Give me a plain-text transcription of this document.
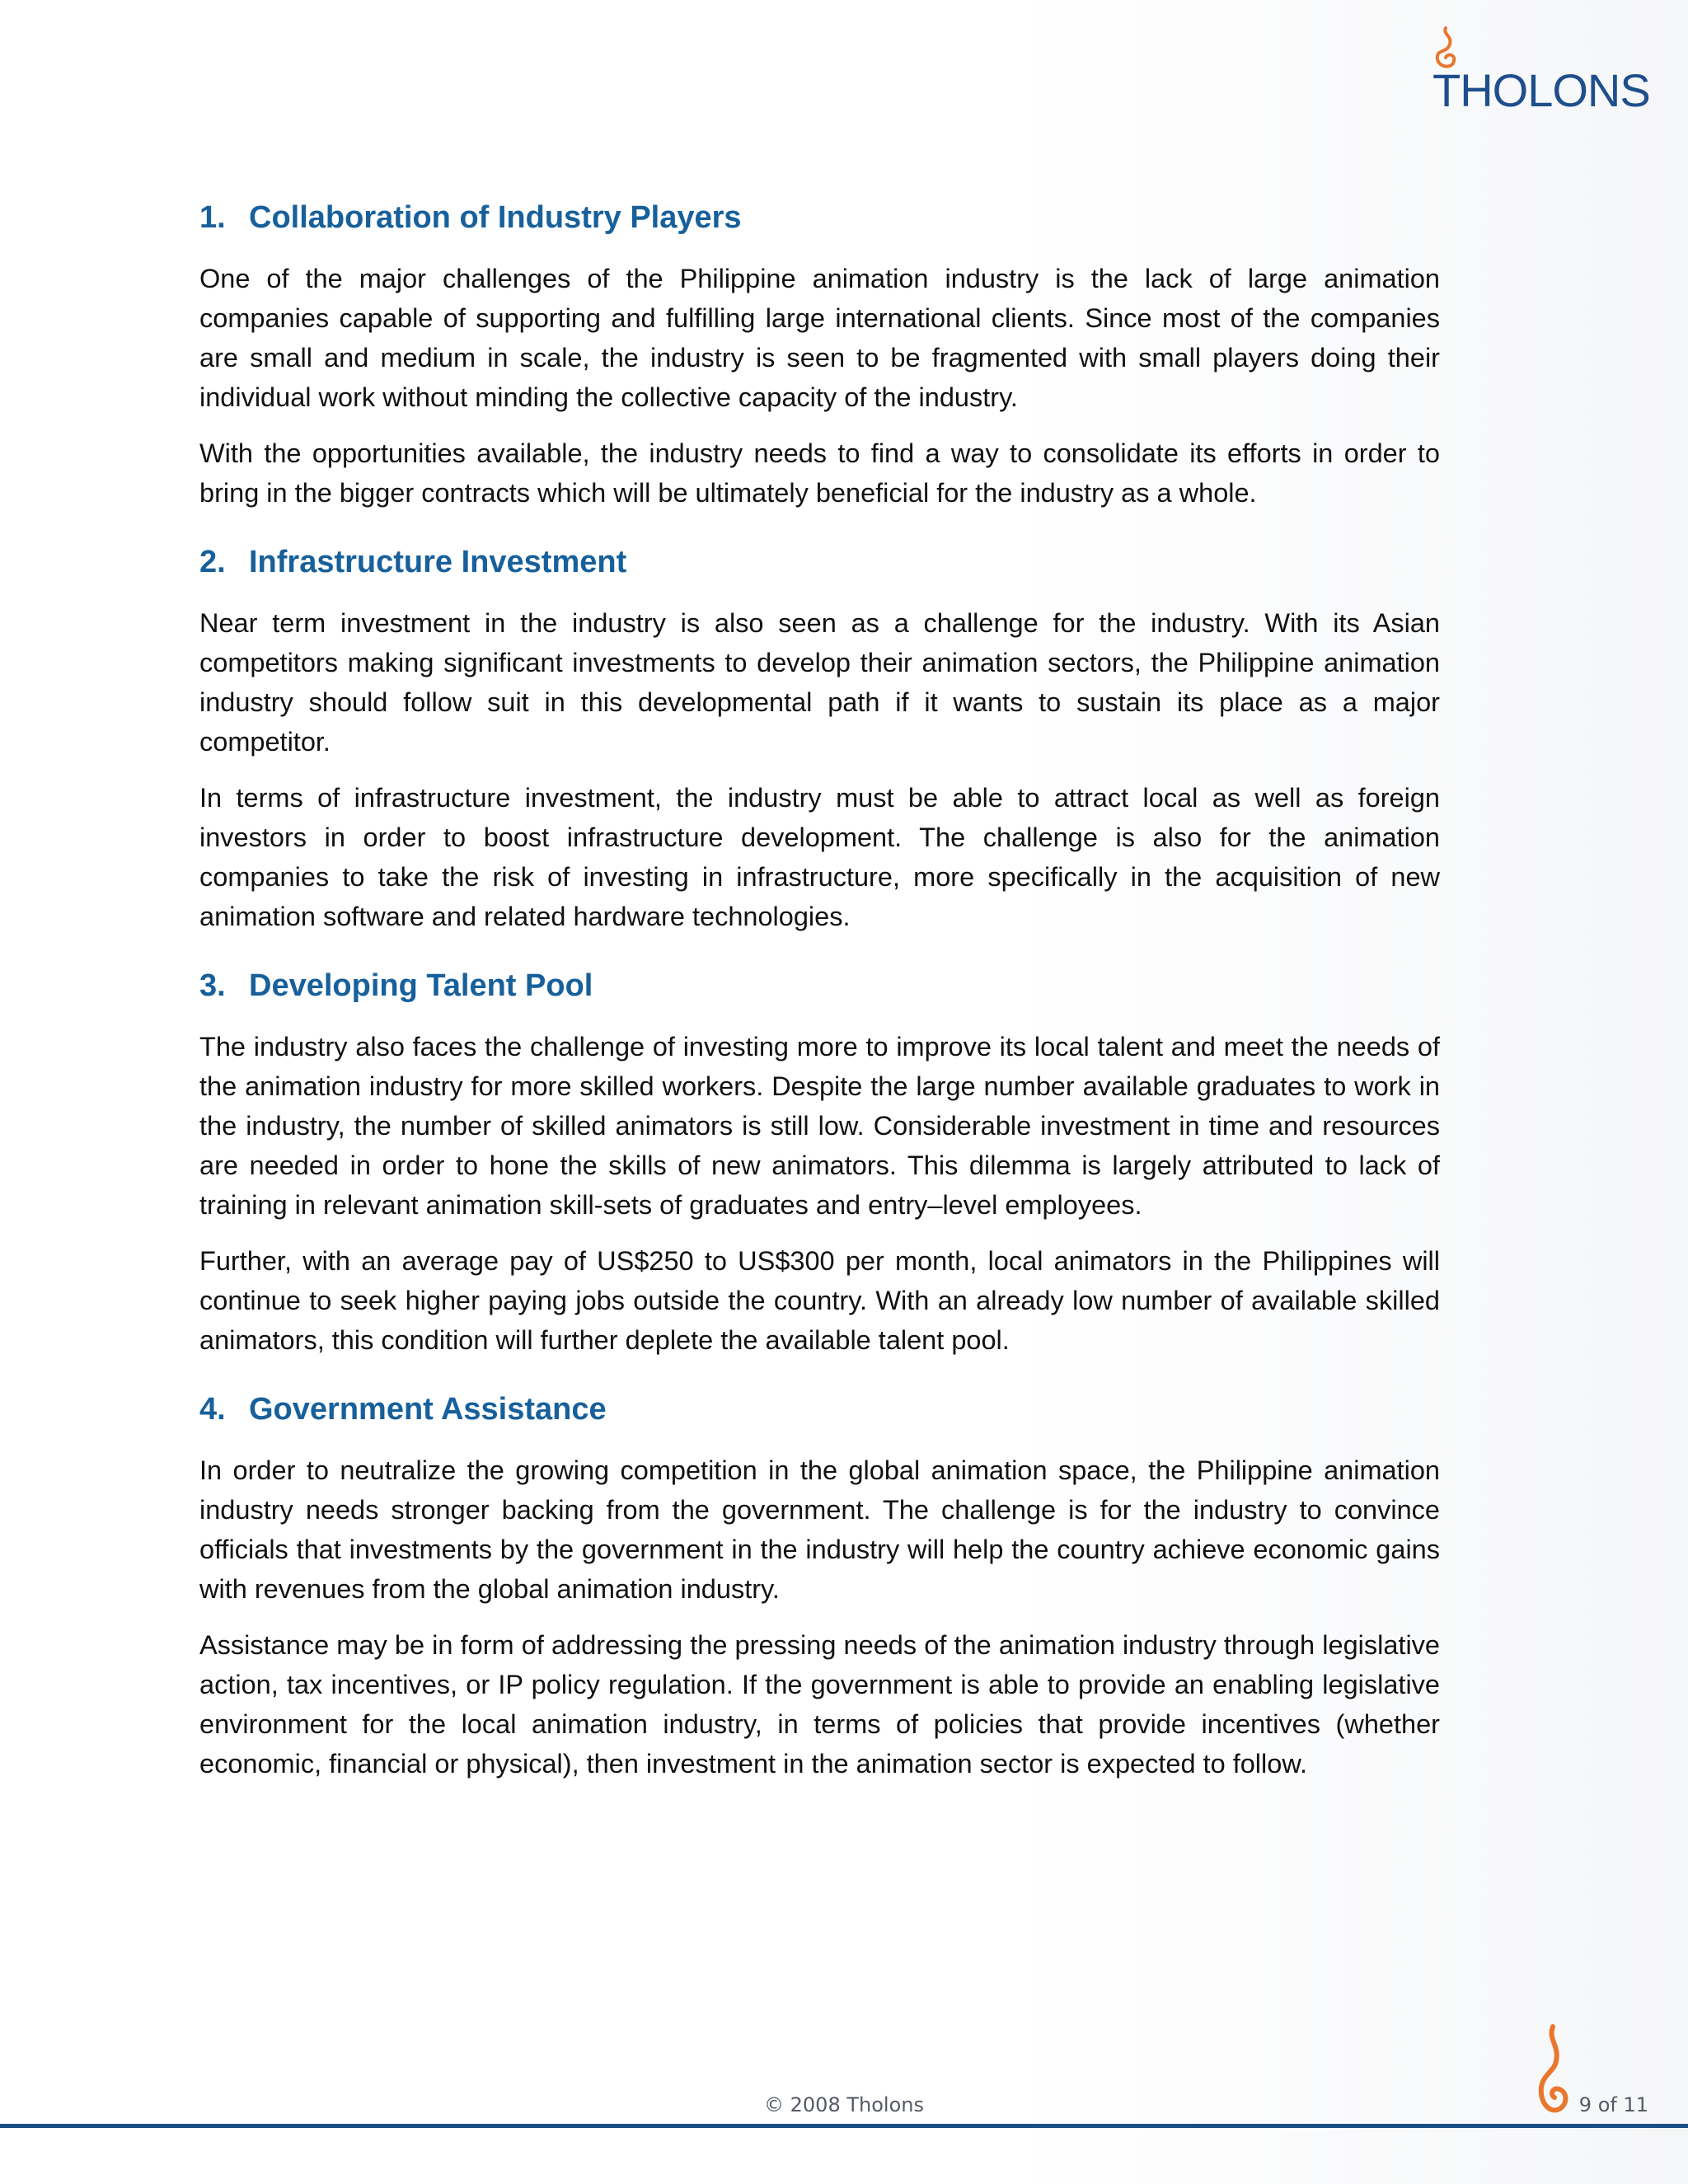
THOLONS
1. Collaboration of Industry Players

One of the major challenges of the Philippine animation industry is the lack of large animation companies capable of supporting and fulfilling large international clients. Since most of the companies are small and medium in scale, the industry is seen to be fragmented with small players doing their individual work without minding the collective capacity of the industry.

With the opportunities available, the industry needs to find a way to consolidate its efforts in order to bring in the bigger contracts which will be ultimately beneficial for the industry as a whole.

2. Infrastructure Investment

Near term investment in the industry is also seen as a challenge for the industry. With its Asian competitors making significant investments to develop their animation sectors, the Philippine animation industry should follow suit in this developmental path if it wants to sustain its place as a major competitor.

In terms of infrastructure investment, the industry must be able to attract local as well as foreign investors in order to boost infrastructure development. The challenge is also for the animation companies to take the risk of investing in infrastructure, more specifically in the acquisition of new animation software and related hardware technologies.

3. Developing Talent Pool

The industry also faces the challenge of investing more to improve its local talent and meet the needs of the animation industry for more skilled workers. Despite the large number available graduates to work in the industry, the number of skilled animators is still low. Considerable investment in time and resources are needed in order to hone the skills of new animators. This dilemma is largely attributed to lack of training in relevant animation skill-sets of graduates and entry–level employees.

Further, with an average pay of US$250 to US$300 per month, local animators in the Philippines will continue to seek higher paying jobs outside the country. With an already low number of available skilled animators, this condition will further deplete the available talent pool.

4. Government Assistance

In order to neutralize the growing competition in the global animation space, the Philippine animation industry needs stronger backing from the government. The challenge is for the industry to convince officials that investments by the government in the industry will help the country achieve economic gains with revenues from the global animation industry.

Assistance may be in form of addressing the pressing needs of the animation industry through legislative action, tax incentives, or IP policy regulation. If the government is able to provide an enabling legislative environment for the local animation industry, in terms of policies that provide incentives (whether economic, financial or physical), then investment in the animation sector is expected to follow.

© 2008 Tholons	9 of 11
